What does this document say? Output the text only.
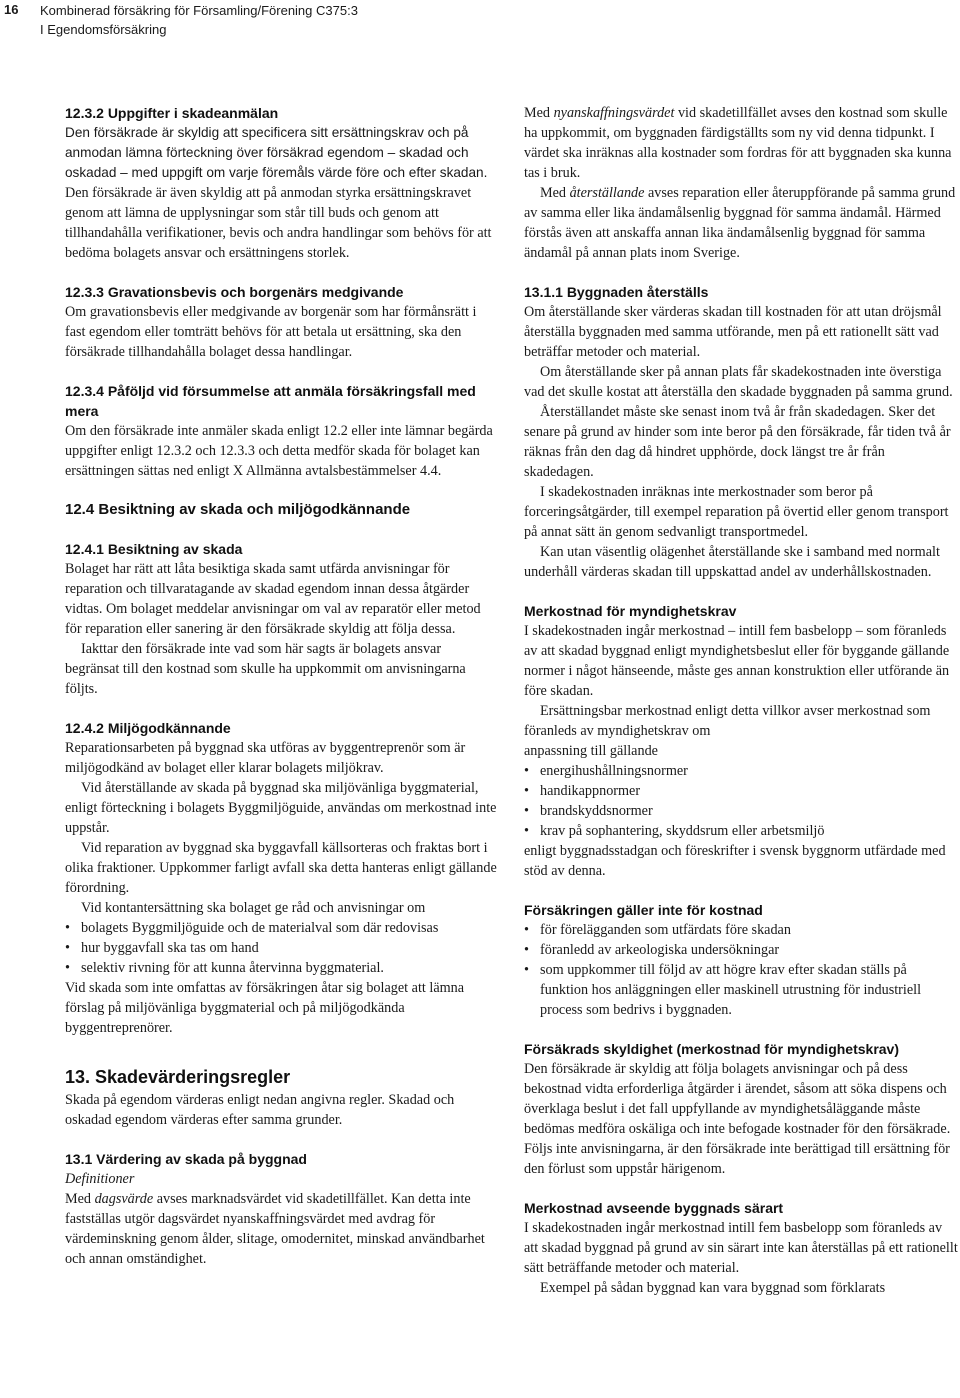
16 Kombinerad försäkring för Församling/Förening C375:3
I Egendomsförsäkring
12.3.2 Uppgifter i skadeanmälan

Den försäkrade är skyldig att specificera sitt ersättningskrav och på anmodan lämna förteckning över försäkrad egendom – skadad och oskadad – med uppgift om varje föremåls värde före och efter skadan. Den försäkrade är även skyldig att på anmodan styrka ersättningskravet genom att lämna de upplysningar som står till buds och genom att tillhandahålla verifikationer, bevis och andra handlingar som behövs för att bedöma bolagets ansvar och ersättningens storlek.

12.3.3 Gravationsbevis och borgenärs medgivande

Om gravationsbevis eller medgivande av borgenär som har förmånsrätt i fast egendom eller tomträtt behövs för att betala ut ersättning, ska den försäkrade tillhandahålla bolaget dessa handlingar.

12.3.4 Påföljd vid försummelse att anmäla försäkringsfall med mera

Om den försäkrade inte anmäler skada enligt 12.2 eller inte lämnar begärda uppgifter enligt 12.3.2 och 12.3.3 och detta medför skada för bolaget kan ersättningen sättas ned enligt X Allmänna avtalsbestämmelser 4.4.

12.4 Besiktning av skada och miljögodkännande
12.4.1 Besiktning av skada

Bolaget har rätt att låta besiktiga skada samt utfärda anvisningar för reparation och tillvaratagande av skadad egendom innan dessa åtgärder vidtas. Om bolaget meddelar anvisningar om val av reparatör eller metod för reparation eller sanering är den försäkrade skyldig att följa dessa.

Iakttar den försäkrade inte vad som här sagts är bolagets ansvar begränsat till den kostnad som skulle ha uppkommit om anvisningarna följts.

12.4.2 Miljögodkännande

Reparationsarbeten på byggnad ska utföras av byggentreprenör som är miljögodkänd av bolaget eller klarar bolagets miljökrav.

Vid återställande av skada på byggnad ska miljövänliga byggmaterial, enligt förteckning i bolagets Byggmiljöguide, användas om merkostnad inte uppstår.

Vid reparation av byggnad ska byggavfall källsorteras och fraktas bort i olika fraktioner. Uppkommer farligt avfall ska detta hanteras enligt gällande förordning.

Vid kontantersättning ska bolaget ge råd och anvisningar om

• bolagets Byggmiljöguide och de materialval som där redovisas
• hur byggavfall ska tas om hand
• selektiv rivning för att kunna återvinna byggmaterial.

Vid skada som inte omfattas av försäkringen åtar sig bolaget att lämna förslag på miljövänliga byggmaterial och på miljögodkända byggentreprenörer.

13. Skadevärderingsregler

Skada på egendom värderas enligt nedan angivna regler. Skadad och oskadad egendom värderas efter samma grunder.

13.1 Värdering av skada på byggnad

Definitioner

Med dagsvärde avses marknadsvärdet vid skadetillfället. Kan detta inte fastställas utgör dagsvärdet nyanskaffningsvärdet med avdrag för värdeminskning genom ålder, slitage, omodernitet, minskad användbarhet och annan omständighet.

Med nyanskaffningsvärdet vid skadetillfället avses den kostnad som skulle ha uppkommit, om byggnaden färdigställts som ny vid denna tidpunkt. I värdet ska inräknas alla kostnader som fordras för att byggnaden ska kunna tas i bruk.

Med återställande avses reparation eller återuppförande på samma grund av samma eller lika ändamålsenlig byggnad för samma ändamål. Härmed förstås även att anskaffa annan lika ändamålsenlig byggnad för samma ändamål på annan plats inom Sverige.

13.1.1 Byggnaden återställs

Om återställande sker värderas skadan till kostnaden för att utan dröjsmål återställa byggnaden med samma utförande, men på ett rationellt sätt vad beträffar metoder och material.

Om återställande sker på annan plats får skadekostnaden inte överstiga vad det skulle kostat att återställa den skadade byggnaden på samma grund.

Återställandet måste ske senast inom två år från skadedagen. Sker det senare på grund av hinder som inte beror på den försäkrade, får tiden två år räknas från den dag då hindret upphörde, dock längst tre år från skadedagen.

I skadekostnaden inräknas inte merkostnader som beror på forceringsåtgärder, till exempel reparation på övertid eller genom transport på annat sätt än genom sedvanligt transportmedel.

Kan utan väsentlig olägenhet återställande ske i samband med normalt underhåll värderas skadan till uppskattad andel av underhållskostnaden.

Merkostnad för myndighetskrav

I skadekostnaden ingår merkostnad – intill fem basbelopp – som föranleds av att skadad byggnad enligt myndighetsbeslut eller för byggande gällande normer i något hänseende, måste ges annan konstruktion eller utförande än före skadan.

Ersättningsbar merkostnad enligt detta villkor avser merkostnad som föranleds av myndighetskrav om

anpassning till gällande

• energihushållningsnormer
• handikappnormer
• brandskyddsnormer
• krav på sophantering, skyddsrum eller arbetsmiljö

enligt byggnadsstadgan och föreskrifter i svensk byggnorm utfärdade med stöd av denna.

Försäkringen gäller inte för kostnad
• för förelägganden som utfärdats före skadan
• föranledd av arkeologiska undersökningar
• som uppkommer till följd av att högre krav efter skadan ställs på funktion hos anläggningen eller maskinell utrustning för industriell process som bedrivs i byggnaden.
Försäkrads skyldighet (merkostnad för myndighetskrav)

Den försäkrade är skyldig att följa bolagets anvisningar och på dess bekostnad vidta erforderliga åtgärder i ärendet, såsom att söka dispens och överklaga beslut i det fall uppfyllande av myndighetsåläggande måste bedömas medföra oskäliga och inte befogade kostnader för den försäkrade. Följs inte anvisningarna, är den försäkrade inte berättigad till ersättning för den förlust som uppstår härigenom.

Merkostnad avseende byggnads särart

I skadekostnaden ingår merkostnad intill fem basbelopp som föranleds av att skadad byggnad på grund av sin särart inte kan återställas på ett rationellt sätt beträffande metoder och material.

Exempel på sådan byggnad kan vara byggnad som förklarats
